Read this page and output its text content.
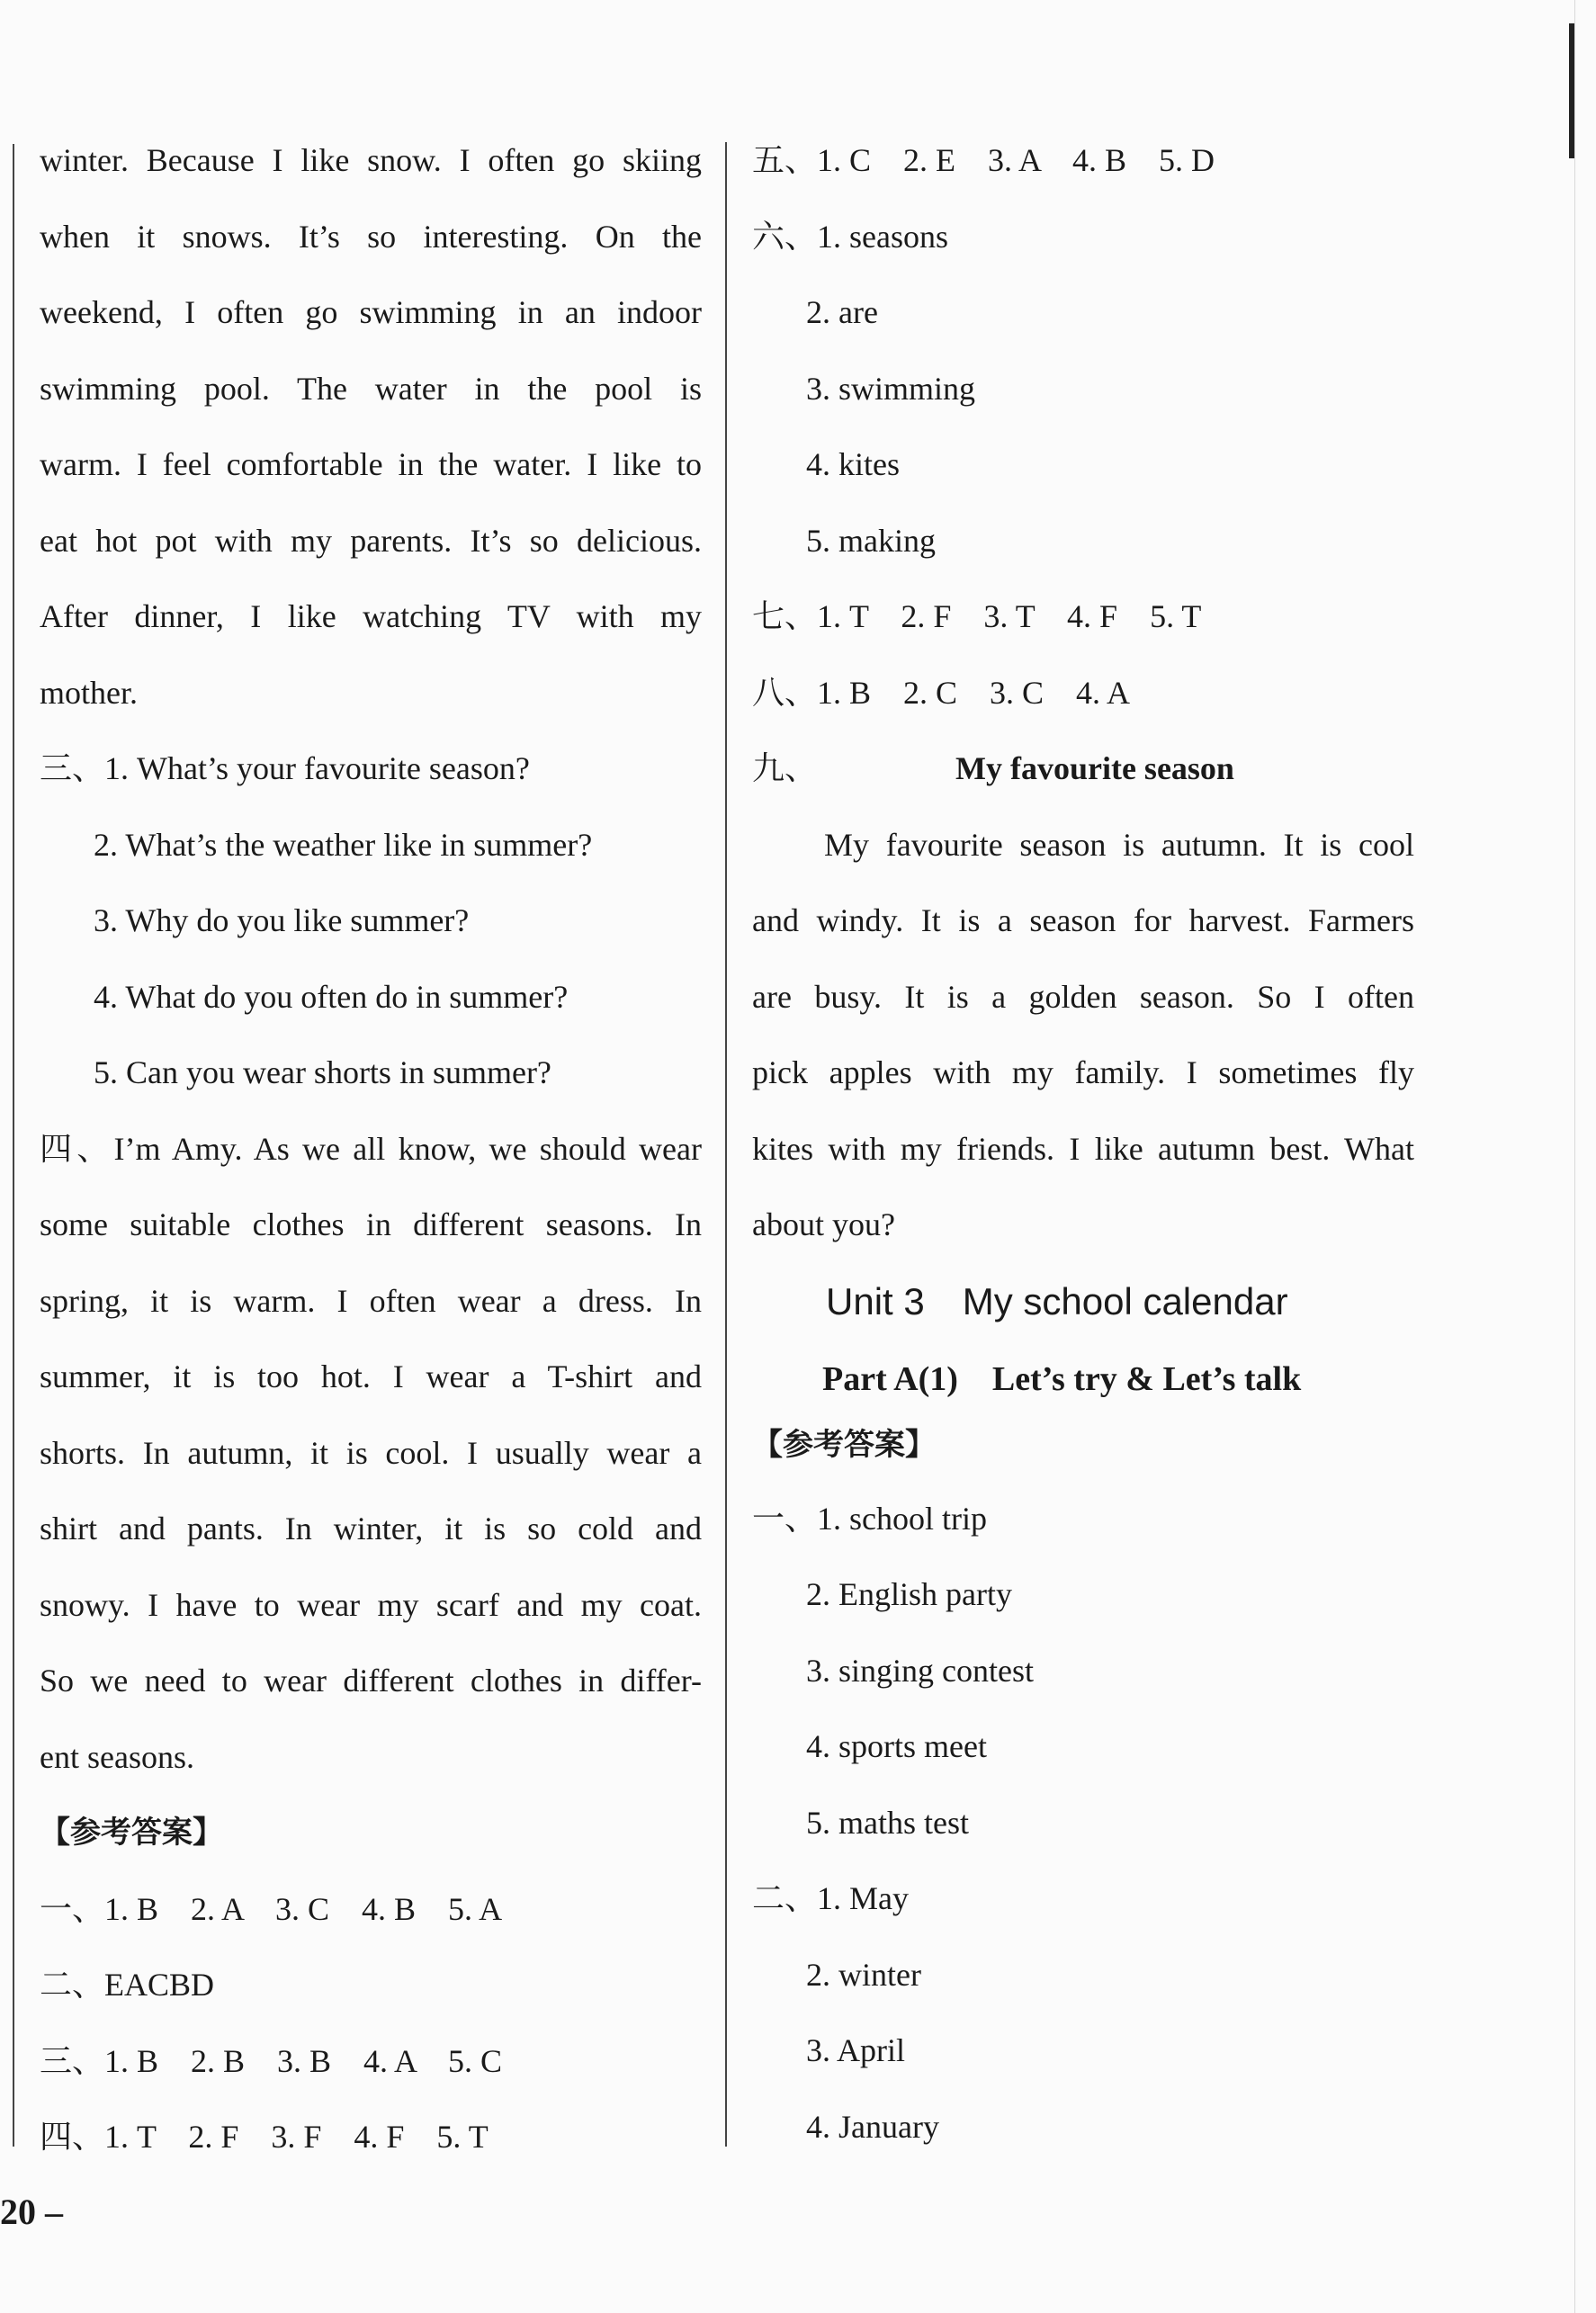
winter. Because I like snow. I often go skiing
when it snows. It’s so interesting. On the
weekend, I often go swimming in an indoor
swimming pool. The water in the pool is
warm. I feel comfortable in the water. I like to
eat hot pot with my parents. It’s so delicious.
After dinner, I like watching TV with my
mother.
三、1. What’s your favourite season?
2. What’s the weather like in summer?
3. Why do you like summer?
4. What do you often do in summer?
5. Can you wear shorts in summer?
四、I’m Amy. As we all know, we should wear
some suitable clothes in different seasons. In
spring, it is warm. I often wear a dress. In
summer, it is too hot. I wear a T-shirt and
shorts. In autumn, it is cool. I usually wear a
shirt and pants. In winter, it is so cold and
snowy. I have to wear my scarf and my coat.
So we need to wear different clothes in differ-
ent seasons.
【参考答案】
一、1. B　2. A　3. C　4. B　5. A
二、EACBD
三、1. B　2. B　3. B　4. A　5. C
四、1. T　2. F　3. F　4. F　5. T
五、1. C　2. E　3. A　4. B　5. D
六、1. seasons
2. are
3. swimming
4. kites
5. making
七、1. T　2. F　3. T　4. F　5. T
八、1. B　2. C　3. C　4. A
九、	My favourite season
My favourite season is autumn. It is cool
and windy. It is a season for harvest. Farmers
are busy. It is a golden season. So I often
pick apples with my family. I sometimes fly
kites with my friends. I like autumn best. What
about you?
Unit 3　My school calendar
Part A(1)　Let’s try & Let’s talk
【参考答案】
一、1. school trip
2. English party
3. singing contest
4. sports meet
5. maths test
二、1. May
2. winter
3. April
4. January
20 –
